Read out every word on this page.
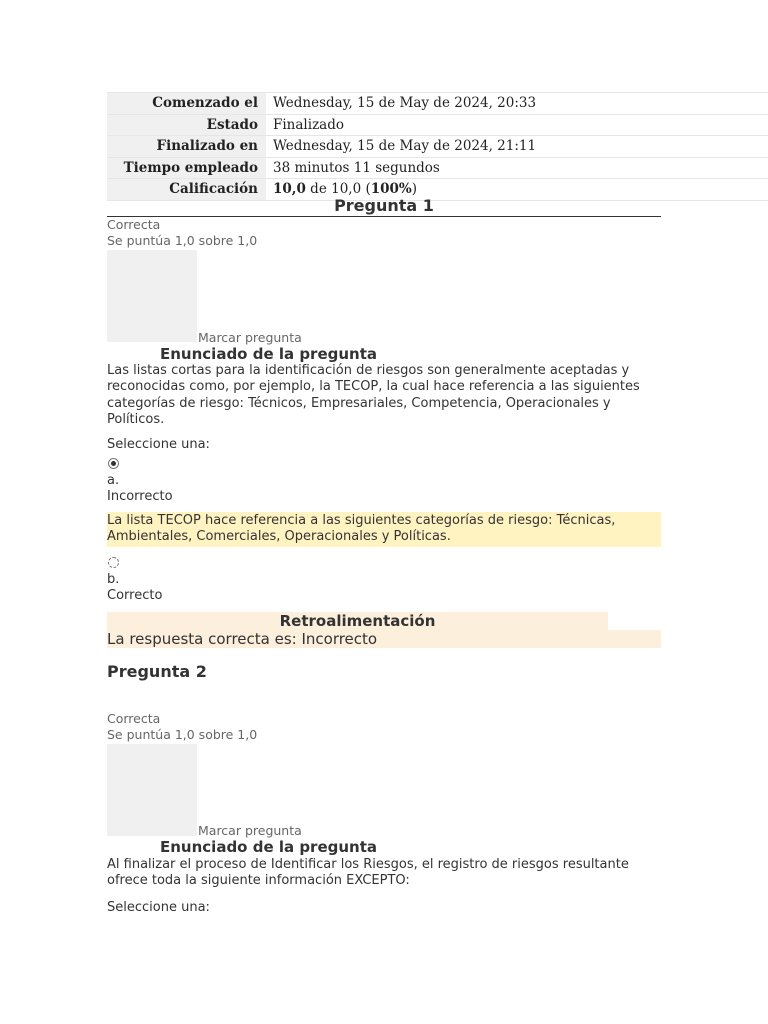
Comenzado el	Wednesday, 15 de May de 2024, 20:33
Estado	Finalizado
Finalizado en	Wednesday, 15 de May de 2024, 21:11
Tiempo empleado	38 minutos 11 segundos
Calificación	10,0 de 10,0 (100%)
Pregunta 1
Correcta
Se puntúa 1,0 sobre 1,0
Marcar pregunta
Enunciado de la pregunta
Las listas cortas para la identificación de riesgos son generalmente aceptadas y reconocidas como, por ejemplo, la TECOP, la cual hace referencia a las siguientes categorías de riesgo: Técnicos, Empresariales, Competencia, Operacionales y Políticos.
Seleccione una:
a.
Incorrecto
La lista TECOP hace referencia a las siguientes categorías de riesgo: Técnicas, Ambientales, Comerciales, Operacionales y Políticas.
b.
Correcto
Retroalimentación
La respuesta correcta es: Incorrecto
Pregunta 2
Correcta
Se puntúa 1,0 sobre 1,0
Marcar pregunta
Enunciado de la pregunta
Al finalizar el proceso de Identificar los Riesgos, el registro de riesgos resultante ofrece toda la siguiente información EXCEPTO:
Seleccione una:
